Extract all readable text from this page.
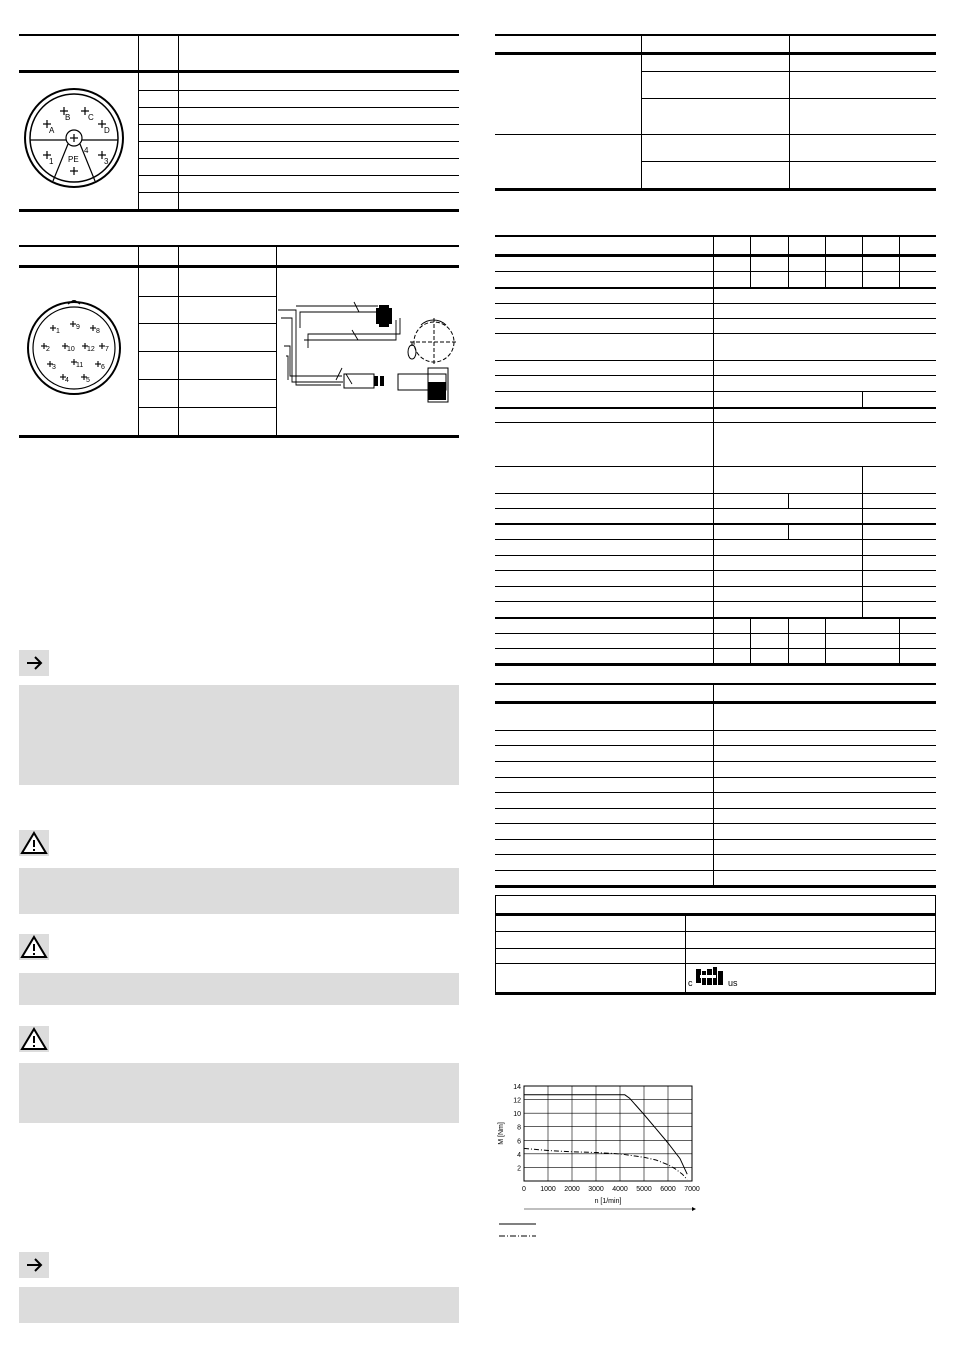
A
B C
D
1 PE
4
3
1
9
8
2 10 12 7
3	11	6
4 5
c	us
2
4
6
8
10
12
14
0 1000 2000 3000 4000 5000 6000 7000
n [1/min]
M [Nm]
